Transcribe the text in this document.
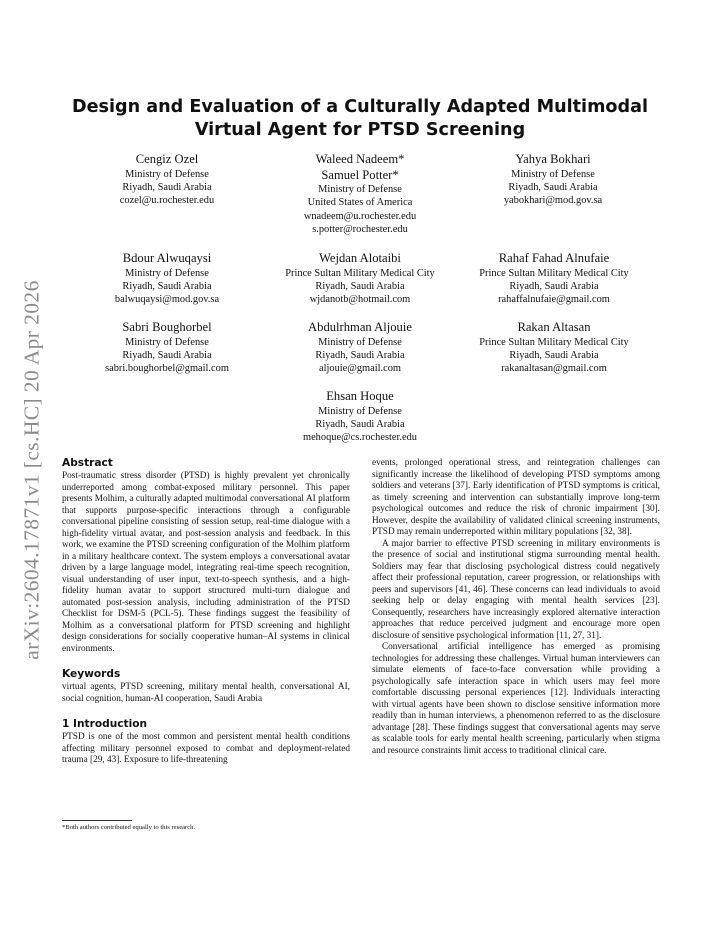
arXiv:2604.17871v1 [cs.HC] 20 Apr 2026
Design and Evaluation of a Culturally Adapted Multimodal Virtual Agent for PTSD Screening
Cengiz Ozel
Ministry of Defense
Riyadh, Saudi Arabia
cozel@u.rochester.edu
Waleed Nadeem*
Samuel Potter*
Ministry of Defense
United States of America
wnadeem@u.rochester.edu
s.potter@rochester.edu
Yahya Bokhari
Ministry of Defense
Riyadh, Saudi Arabia
yabokhari@mod.gov.sa
Bdour Alwuqaysi
Ministry of Defense
Riyadh, Saudi Arabia
balwuqaysi@mod.gov.sa
Wejdan Alotaibi
Prince Sultan Military Medical City
Riyadh, Saudi Arabia
wjdanotb@hotmail.com
Rahaf Fahad Alnufaie
Prince Sultan Military Medical City
Riyadh, Saudi Arabia
rahaffalnufaie@gmail.com
Sabri Boughorbel
Ministry of Defense
Riyadh, Saudi Arabia
sabri.boughorbel@gmail.com
Abdulrhman Aljouie
Ministry of Defense
Riyadh, Saudi Arabia
aljouie@gmail.com
Rakan Altasan
Prince Sultan Military Medical City
Riyadh, Saudi Arabia
rakanaltasan@gmail.com
Ehsan Hoque
Ministry of Defense
Riyadh, Saudi Arabia
mehoque@cs.rochester.edu
Abstract

Post-traumatic stress disorder (PTSD) is highly prevalent yet chronically underreported among combat-exposed military personnel. This paper presents Molhim, a culturally adapted multimodal conversational AI platform that supports purpose-specific interactions through a configurable conversational pipeline consisting of session setup, real-time dialogue with a high-fidelity virtual avatar, and post-session analysis and feedback. In this work, we examine the PTSD screening configuration of the Molhim platform in a military healthcare context. The system employs a conversational avatar driven by a large language model, integrating real-time speech recognition, visual understanding of user input, text-to-speech synthesis, and a high-fidelity human avatar to support structured multi-turn dialogue and automated post-session analysis, including administration of the PTSD Checklist for DSM-5 (PCL-5). These findings suggest the feasibility of Molhim as a conversational platform for PTSD screening and highlight design considerations for socially cooperative human–AI systems in clinical environments.

Keywords

virtual agents, PTSD screening, military mental health, conversational AI, social cognition, human-AI cooperation, Saudi Arabia

1 Introduction

PTSD is one of the most common and persistent mental health conditions affecting military personnel exposed to combat and deployment-related trauma [29, 43]. Exposure to life-threatening

events, prolonged operational stress, and reintegration challenges can significantly increase the likelihood of developing PTSD symptoms among soldiers and veterans [37]. Early identification of PTSD symptoms is critical, as timely screening and intervention can substantially improve long-term psychological outcomes and reduce the risk of chronic impairment [30]. However, despite the availability of validated clinical screening instruments, PTSD may remain underreported within military populations [32, 38].

A major barrier to effective PTSD screening in military environments is the presence of social and institutional stigma surrounding mental health. Soldiers may fear that disclosing psychological distress could negatively affect their professional reputation, career progression, or relationships with peers and supervisors [41, 46]. These concerns can lead individuals to avoid seeking help or delay engaging with mental health services [23]. Consequently, researchers have increasingly explored alternative interaction approaches that reduce perceived judgment and encourage more open disclosure of sensitive psychological information [11, 27, 31].

Conversational artificial intelligence has emerged as promising technologies for addressing these challenges. Virtual human interviewers can simulate elements of face-to-face conversation while providing a psychologically safe interaction space in which users may feel more comfortable discussing personal experiences [12]. Individuals interacting with virtual agents have been shown to disclose sensitive information more readily than in human interviews, a phenomenon referred to as the disclosure advantage [28]. These findings suggest that conversational agents may serve as scalable tools for early mental health screening, particularly when stigma and resource constraints limit access to traditional clinical care.

*Both authors contributed equally to this research.
